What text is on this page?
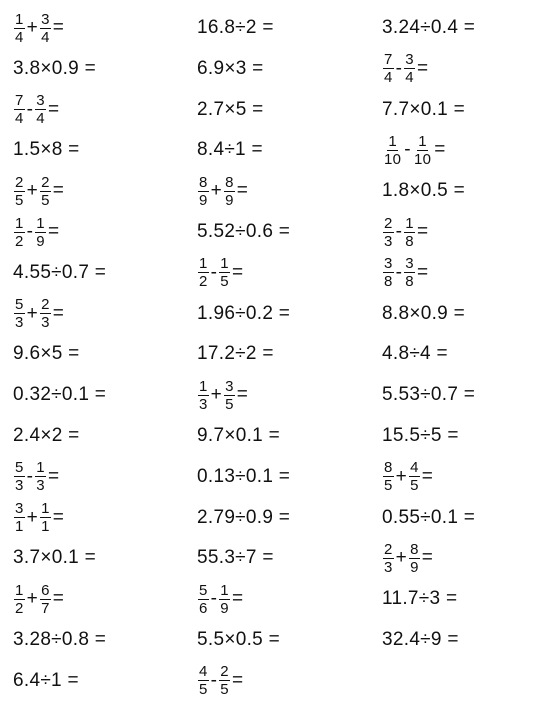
$\frac{1}{4} + \frac{3}{4}$ =	16.8÷2 =	3.24÷0.4 =
3.8×0.9 =	6.9×3 =	$\frac{7}{4} - \frac{3}{4}$ =
$\frac{7}{4} - \frac{3}{4}$ =	2.7×5 =	7.7×0.1 =
1.5×8 =	8.4÷1 =	$\frac{1}{10} - \frac{1}{10}$ =
$\frac{2}{5} + \frac{2}{5}$ =	$\frac{8}{9} + \frac{8}{9}$ =	1.8×0.5 =
$\frac{1}{2} - \frac{1}{9}$ =	5.52÷0.6 =	$\frac{2}{3} - \frac{1}{8}$ =
4.55÷0.7 =	$\frac{1}{2} - \frac{1}{5}$ =	$\frac{3}{8} - \frac{3}{8}$ =
$\frac{5}{3} + \frac{2}{3}$ =	1.96÷0.2 =	8.8×0.9 =
9.6×5 =	17.2÷2 =	4.8÷4 =
0.32÷0.1 =	$\frac{1}{3} + \frac{3}{5}$ =	5.53÷0.7 =
2.4×2 =	9.7×0.1 =	15.5÷5 =
$\frac{5}{3} - \frac{1}{3}$ =	0.13÷0.1 =	$\frac{8}{5} + \frac{4}{5}$ =
$\frac{3}{1} + \frac{1}{1}$ =	2.79÷0.9 =	0.55÷0.1 =
3.7×0.1 =	55.3÷7 =	$\frac{2}{3} + \frac{8}{9}$ =
$\frac{1}{2} + \frac{6}{7}$ =	$\frac{5}{6} - \frac{1}{9}$ =	11.7÷3 =
3.28÷0.8 =	5.5×0.5 =	32.4÷9 =
6.4÷1 =	$\frac{4}{5} - \frac{2}{5}$ =
